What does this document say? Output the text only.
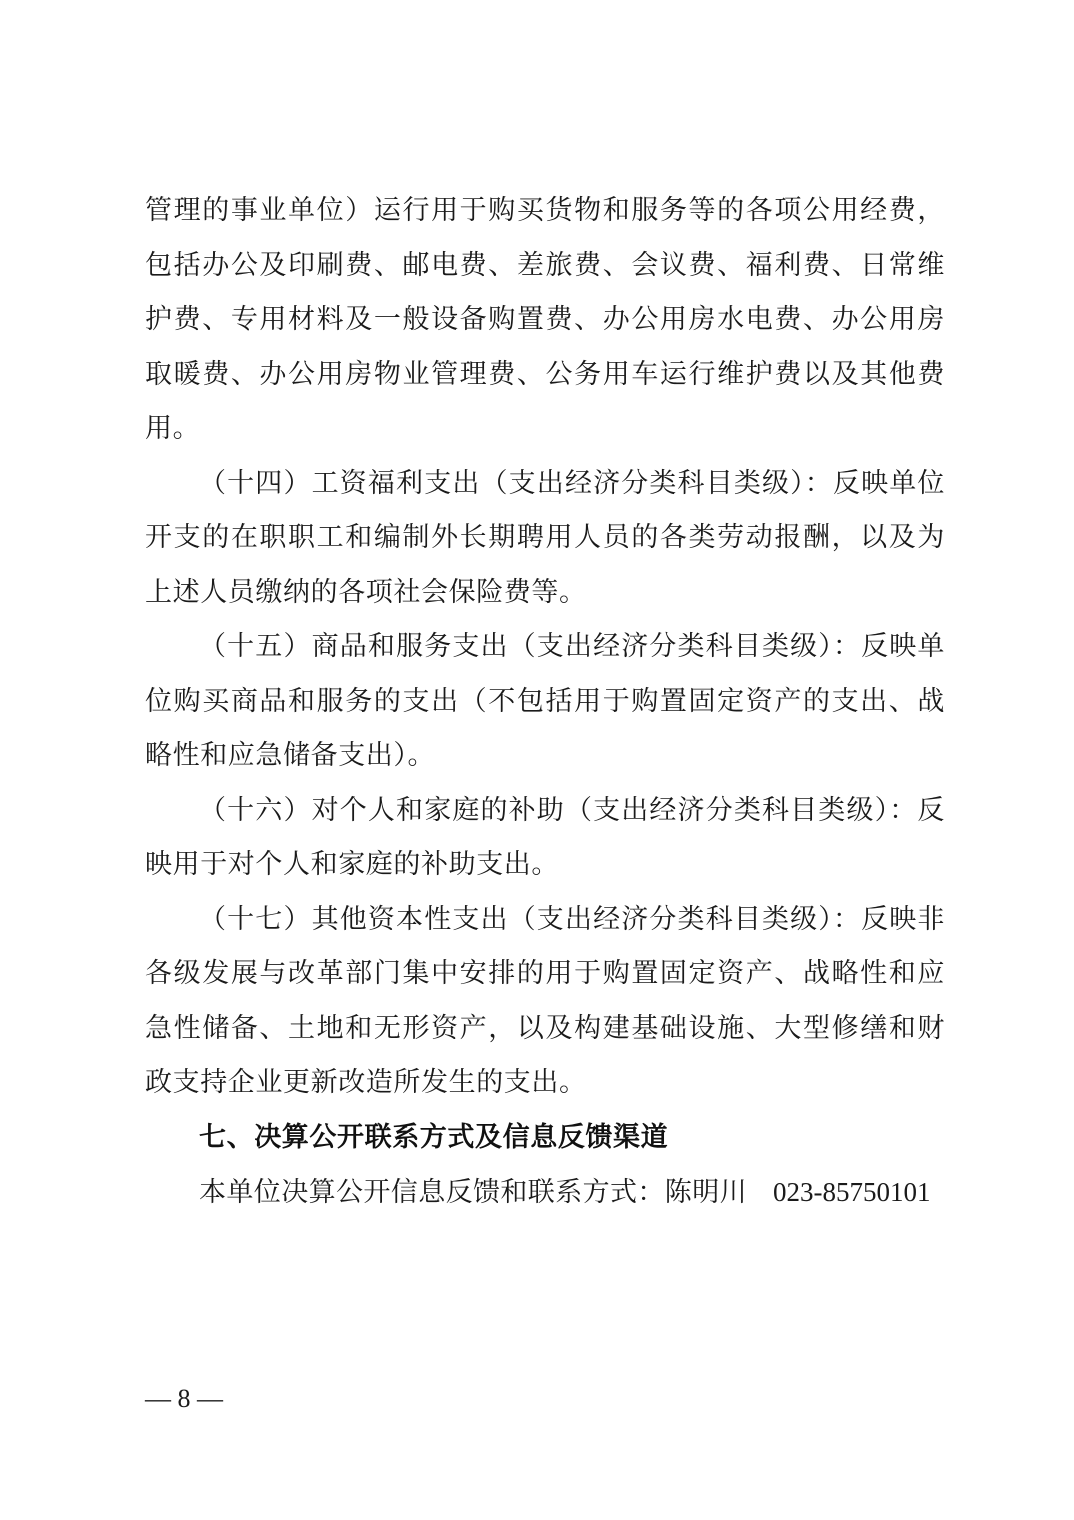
管理的事业单位）运行用于购买货物和服务等的各项公用经费，包括办公及印刷费、邮电费、差旅费、会议费、福利费、日常维护费、专用材料及一般设备购置费、办公用房水电费、办公用房取暖费、办公用房物业管理费、公务用车运行维护费以及其他费用。

（十四）工资福利支出（支出经济分类科目类级）：反映单位开支的在职职工和编制外长期聘用人员的各类劳动报酬，以及为上述人员缴纳的各项社会保险费等。

（十五）商品和服务支出（支出经济分类科目类级）：反映单位购买商品和服务的支出（不包括用于购置固定资产的支出、战略性和应急储备支出）。

（十六）对个人和家庭的补助（支出经济分类科目类级）：反映用于对个人和家庭的补助支出。

（十七）其他资本性支出（支出经济分类科目类级）：反映非各级发展与改革部门集中安排的用于购置固定资产、战略性和应急性储备、土地和无形资产，以及构建基础设施、大型修缮和财政支持企业更新改造所发生的支出。

七、决算公开联系方式及信息反馈渠道

本单位决算公开信息反馈和联系方式：陈明川 023-85750101

— 8 —
